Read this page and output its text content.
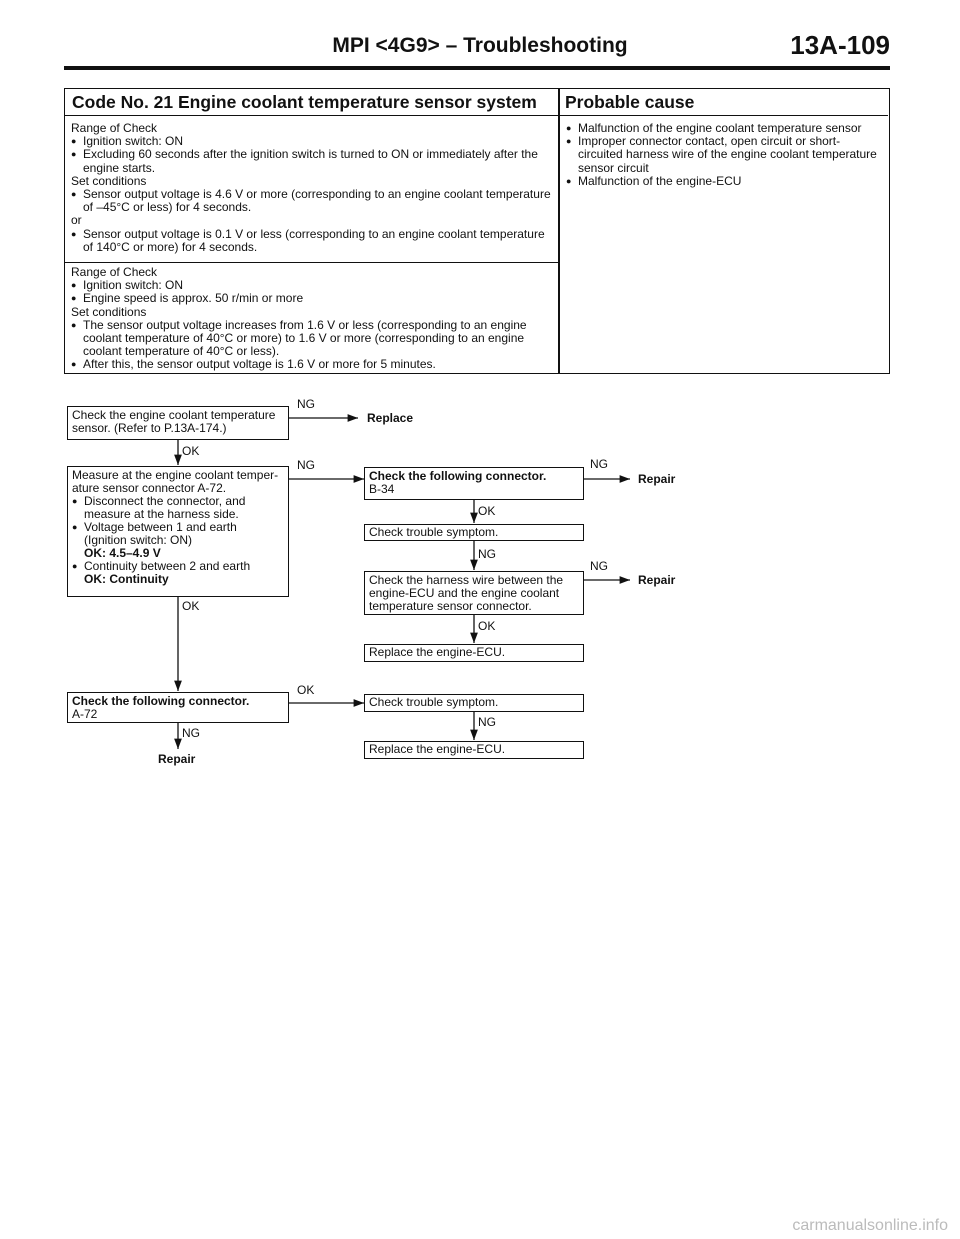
MPI <4G9> – Troubleshooting	13A-109
Code No. 21 Engine coolant temperature sensor system	Probable cause
Range of Check
● Ignition switch: ON
● Excluding 60 seconds after the ignition switch is turned to ON or immediately after the engine starts.
Set conditions
● Sensor output voltage is 4.6 V or more (corresponding to an engine coolant temperature of –45°C or less) for 4 seconds.
or
● Sensor output voltage is 0.1 V or less (corresponding to an engine coolant temperature of 140°C or more) for 4 seconds.
Range of Check
● Ignition switch: ON
● Engine speed is approx. 50 r/min or more
Set conditions
● The sensor output voltage increases from 1.6 V or less (corresponding to an engine coolant temperature of 40°C or more) to 1.6 V or more (corresponding to an engine coolant temperature of 40°C or less).
● After this, the sensor output voltage is 1.6 V or more for 5 minutes.
● Malfunction of the engine coolant temperature sensor
● Improper connector contact, open circuit or short-circuited harness wire of the engine coolant temperature sensor circuit
● Malfunction of the engine-ECU
Check the engine coolant temperature
sensor. (Refer to P.13A-174.)
NG
Replace
OK
Measure at the engine coolant temper-
ature sensor connector A-72.
● Disconnect the connector, and
measure at the harness side.
● Voltage between 1 and earth
(Ignition switch: ON)
OK: 4.5–4.9 V
● Continuity between 2 and earth
OK: Continuity
NG
OK
Check the following connector.
B-34
NG
Repair
OK
Check trouble symptom.
NG
Check the harness wire between the
engine-ECU and the engine coolant
temperature sensor connector.
NG
Repair
OK
Replace the engine-ECU.
Check the following connector.
A-72
OK
NG
Repair
Check trouble symptom.
NG
Replace the engine-ECU.
carmanualsonline.info
